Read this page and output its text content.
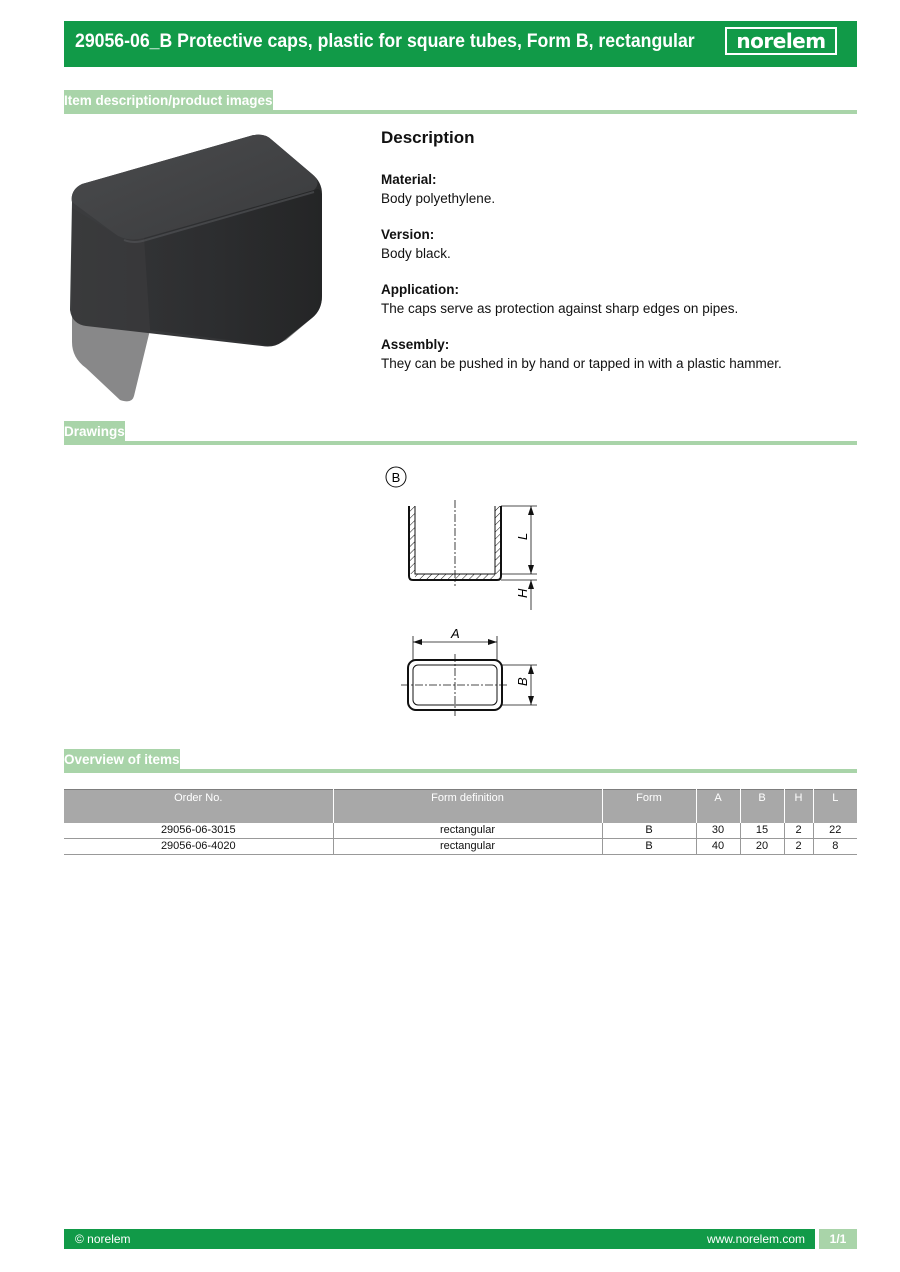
29056-06_B Protective caps, plastic for square tubes, Form B, rectangular norelem
Item description/product images
Description
Material:
Body polyethylene.
Version:
Body black.
Application:
The caps serve as protection against sharp edges on pipes.
Assembly:
They can be pushed in by hand or tapped in with a plastic hammer.
Drawings
B
L
H
A
B
Overview of items
Order No.	Form definition	Form	A	B	H	L
29056-06-3015	rectangular	B	30	15	2	22
29056-06-4020	rectangular	B	40	20	2	8
© norelem	www.norelem.com	1/1
